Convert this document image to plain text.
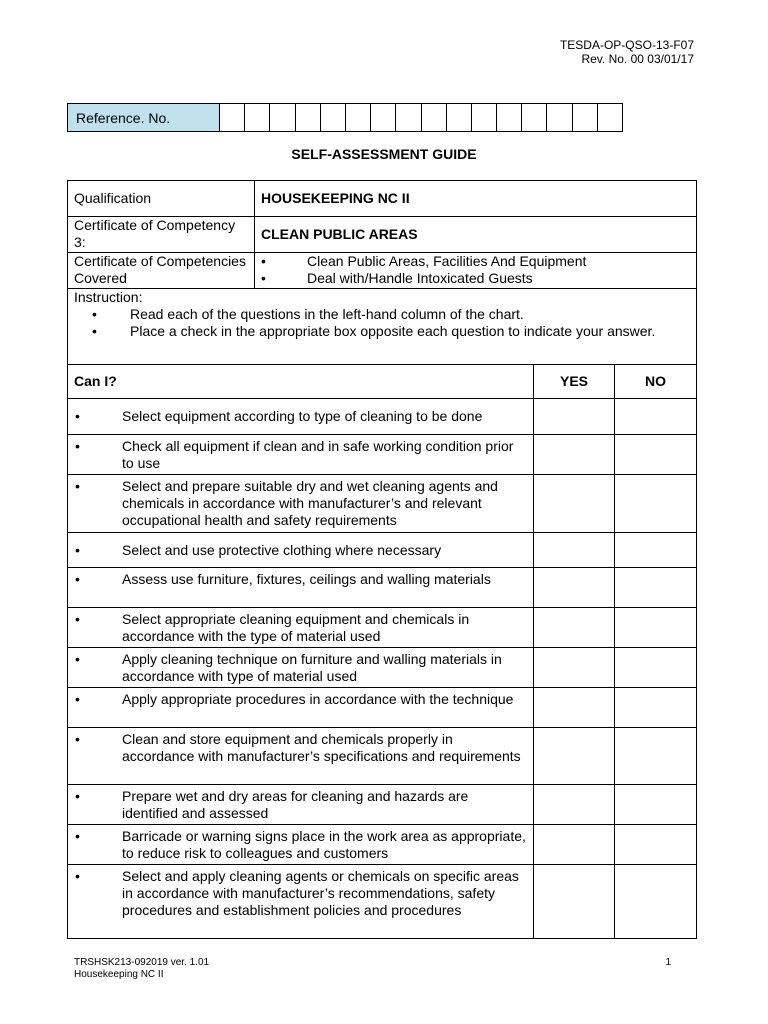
TESDA-OP-QSO-13-F07
Rev. No. 00 03/01/17
Reference. No.																
SELF-ASSESSMENT GUIDE
Qualification	HOUSEKEEPING NC II		
Certificate of Competency 3:	CLEAN PUBLIC AREAS		
Certificate of Competencies Covered	• Clean Public Areas, Facilities And Equipment
• Deal with/Handle Intoxicated Guests		

Instruction:
• Read each of the questions in the left-hand column of the chart.
• Place a check in the appropriate box opposite each question to indicate your answer.			

Can I?		YES	NO

• Select equipment according to type of cleaning to be done			

• Check all equipment if clean and in safe working condition prior to use			

• Select and prepare suitable dry and wet cleaning agents and chemicals in accordance with manufacturer’s and relevant occupational health and safety requirements			

• Select and use protective clothing where necessary			

• Assess use furniture, fixtures, ceilings and walling materials			

• Select appropriate cleaning equipment and chemicals in accordance with the type of material used			

• Apply cleaning technique on furniture and walling materials in accordance with type of material used			

• Apply appropriate procedures in accordance with the technique			

• Clean and store equipment and chemicals properly in accordance with manufacturer’s specifications and requirements			

• Prepare wet and dry areas for cleaning and hazards are identified and assessed			

• Barricade or warning signs place in the work area as appropriate, to reduce risk to colleagues and customers			

• Select and apply cleaning agents or chemicals on specific areas in accordance with manufacturer’s recommendations, safety procedures and establishment policies and procedures			

TRSHSK213-092019 ver. 1.01
Housekeeping NC II
1
